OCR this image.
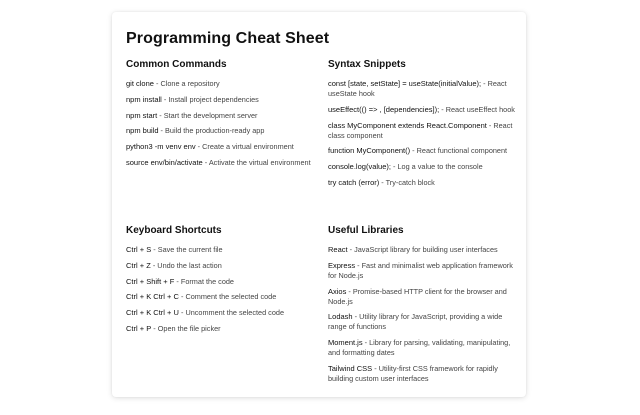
Programming Cheat Sheet
Common Commands
git clone - Clone a repository
npm install - Install project dependencies
npm start - Start the development server
npm build - Build the production-ready app
python3 -m venv env - Create a virtual environment
source env/bin/activate - Activate the virtual environment
Syntax Snippets
const [state, setState] = useState(initialValue); - React useState hook
useEffect(() => , [dependencies]); - React useEffect hook
class MyComponent extends React.Component - React class component
function MyComponent() - React functional component
console.log(value); - Log a value to the console
try catch (error) - Try-catch block
Keyboard Shortcuts
Ctrl + S - Save the current file
Ctrl + Z - Undo the last action
Ctrl + Shift + F - Format the code
Ctrl + K Ctrl + C - Comment the selected code
Ctrl + K Ctrl + U - Uncomment the selected code
Ctrl + P - Open the file picker
Useful Libraries
React - JavaScript library for building user interfaces
Express - Fast and minimalist web application framework for Node.js
Axios - Promise-based HTTP client for the browser and Node.js
Lodash - Utility library for JavaScript, providing a wide range of functions
Moment.js - Library for parsing, validating, manipulating, and formatting dates
Tailwind CSS - Utility-first CSS framework for rapidly building custom user interfaces
